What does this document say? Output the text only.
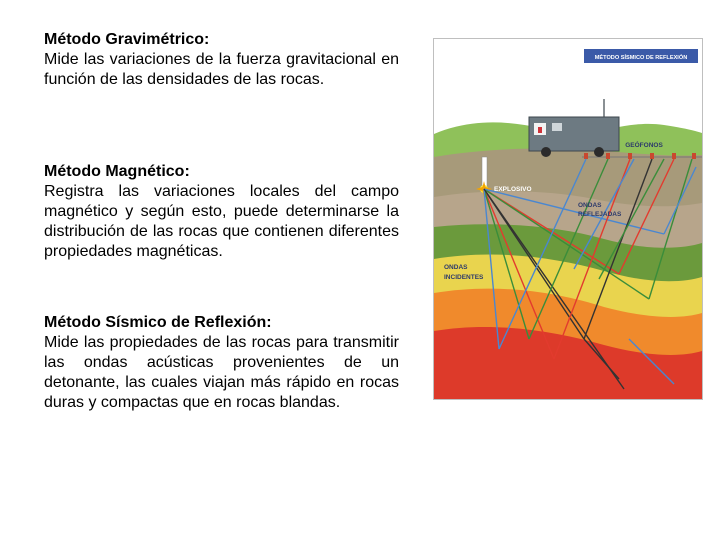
Método Gravimétrico:

Mide las variaciones de la fuerza gravitacional en función de las densidades de las rocas.

Método Magnético:

Registra las variaciones locales del campo magnético y según esto, puede determinarse la distribución de las rocas que contienen diferentes propiedades magnéticas.

Método Sísmico de Reflexión:

Mide las propiedades de las rocas para transmitir las ondas acústicas provenientes de un detonante, las cuales viajan más rápido en rocas duras y compactas que en rocas blandas.

MÉTODO SÍSMICO DE REFLEXIÓN
GEÓFONOS
EXPLOSIVO
ONDAS
REFLEJADAS
ONDAS
INCIDENTES
